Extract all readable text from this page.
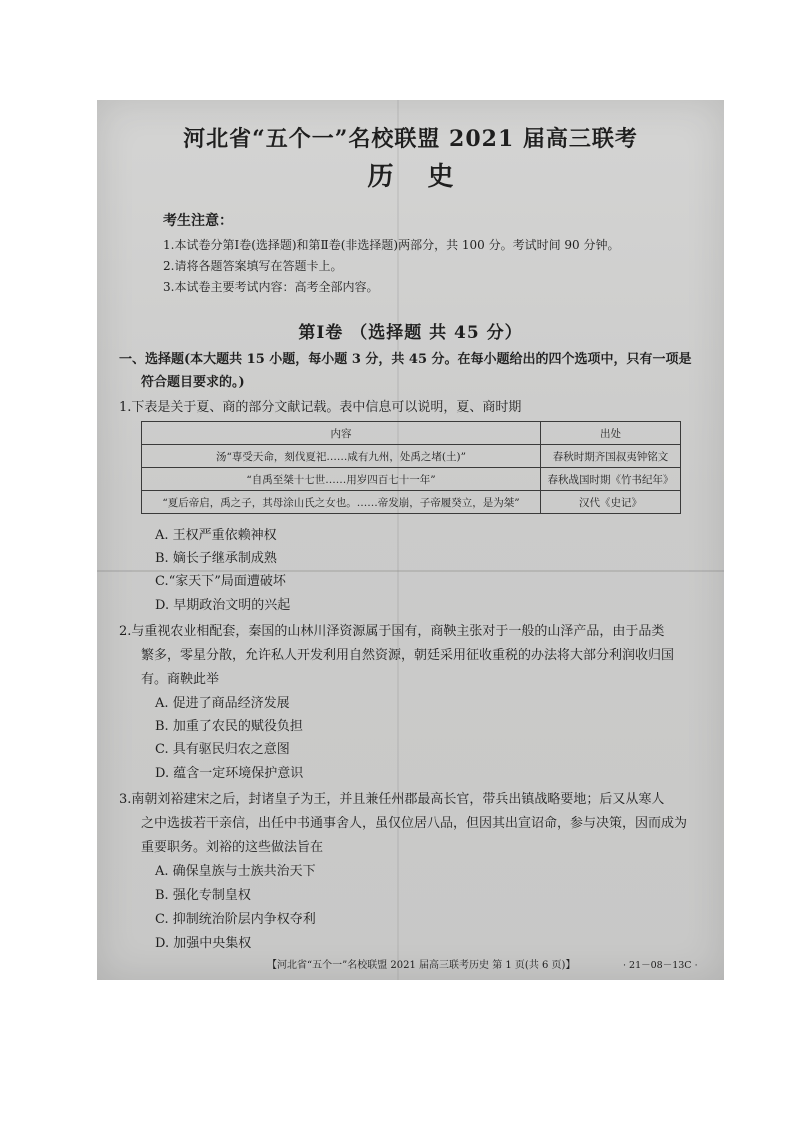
河北省“五个一”名校联盟 2021 届高三联考
历史
考生注意：
1.本试卷分第Ⅰ卷(选择题)和第Ⅱ卷(非选择题)两部分，共 100 分。考试时间 90 分钟。
2.请将各题答案填写在答题卡上。
3.本试卷主要考试内容：高考全部内容。
第Ⅰ卷 （选择题 共 45 分）
一、选择题(本大题共 15 小题，每小题 3 分，共 45 分。在每小题给出的四个选项中，只有一项是
符合题目要求的。)
1.下表是关于夏、商的部分文献记载。表中信息可以说明，夏、商时期
内容	出处
汤“専受天命，刻伐夏祀……咸有九州，处禹之堵(土)”	春秋时期齐国叔夷钟铭文
“自禹至桀十七世……用岁四百七十一年”	春秋战国时期《竹书纪年》
“夏后帝启，禹之子，其母涂山氏之女也。……帝发崩，子帝履癸立，是为桀”	汉代《史记》
A. 王权严重依赖神权
B. 嫡长子继承制成熟
C.“家天下”局面遭破坏
D. 早期政治文明的兴起
2.与重视农业相配套，秦国的山林川泽资源属于国有，商鞅主张对于一般的山泽产品，由于品类
繁多，零星分散，允许私人开发利用自然资源，朝廷采用征收重税的办法将大部分利润收归国
有。商鞅此举
A. 促进了商品经济发展
B. 加重了农民的赋役负担
C. 具有驱民归农之意图
D. 蕴含一定环境保护意识
3.南朝刘裕建宋之后，封诸皇子为王，并且兼任州郡最高长官，带兵出镇战略要地；后又从寒人
之中选拔若干亲信，出任中书通事舍人，虽仅位居八品，但因其出宣诏命，参与决策，因而成为
重要职务。刘裕的这些做法旨在
A. 确保皇族与士族共治天下
B. 强化专制皇权
C. 抑制统治阶层内争权夺利
D. 加强中央集权
【河北省“五个一”名校联盟 2021 届高三联考历史 第 1 页(共 6 页)】	· 21－08－13C ·
